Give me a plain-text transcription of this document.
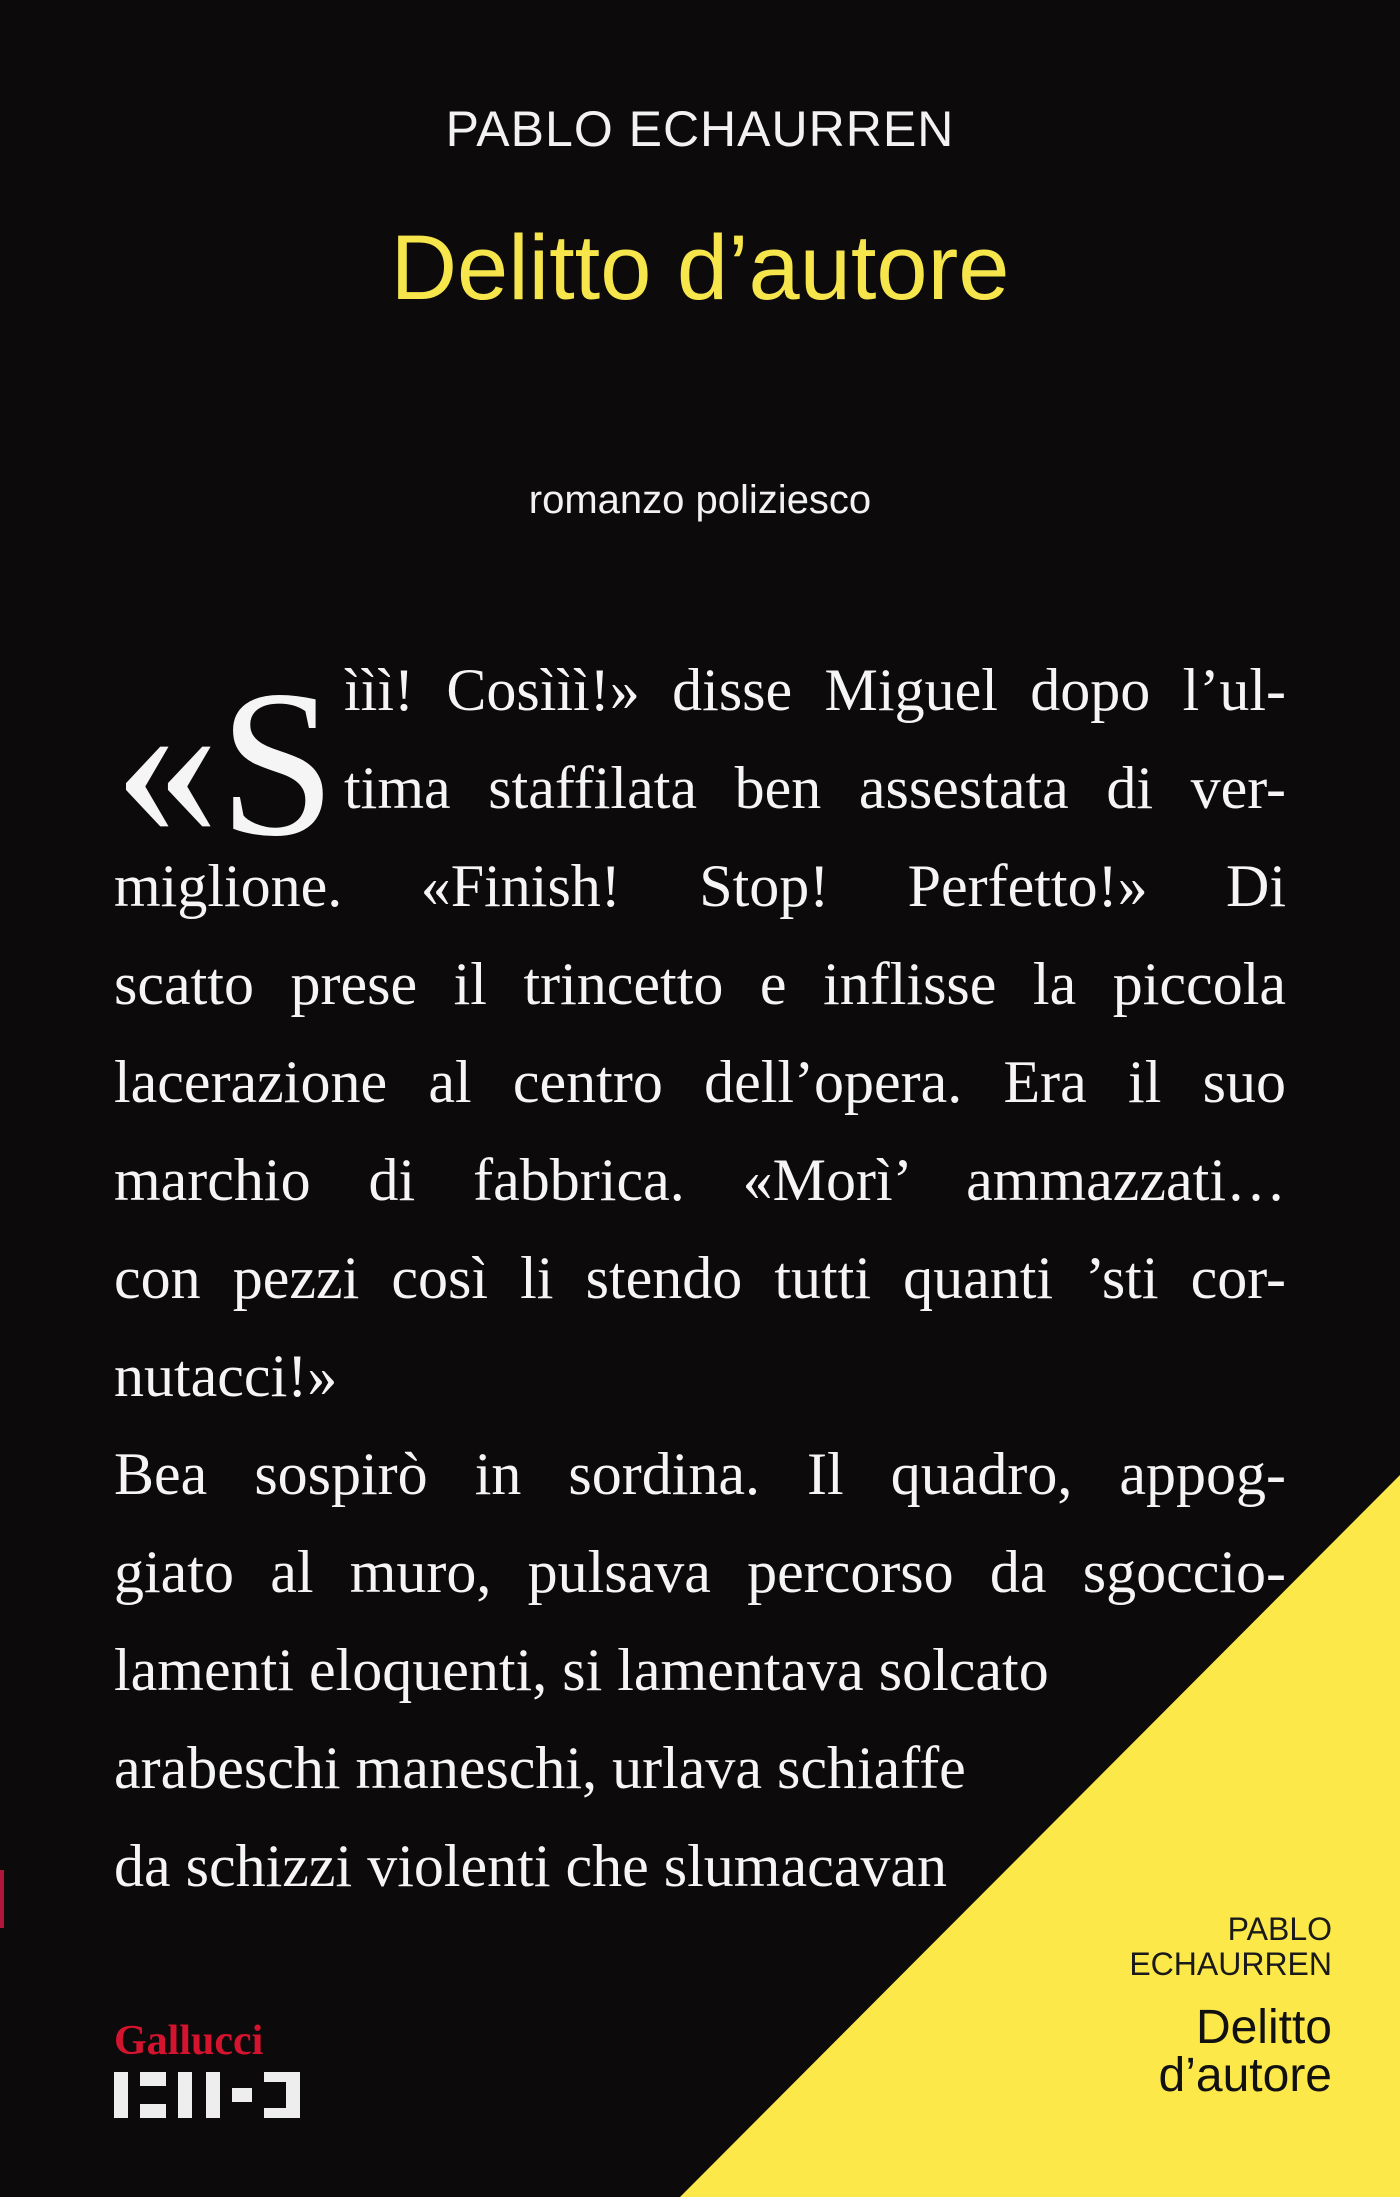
PABLO ECHAURREN
Delitto d’autore
romanzo poliziesco
«S ììì! Cosììì!» disse Miguel dopo l’ul-
tima staffilata ben assestata di ver-
miglione. «Finish! Stop! Perfetto!» Di
scatto prese il trincetto e inflisse la piccola
lacerazione al centro dell’opera. Era il suo
marchio di fabbrica. «Morì’ ammazzati…
con pezzi così li stendo tutti quanti ’sti cor-
nutacci!»
Bea sospirò in sordina. Il quadro, appog-
giato al muro, pulsava percorso da sgoccio-
lamenti eloquenti, si lamentava solcato
arabeschi maneschi, urlava schiaffe
da schizzi violenti che slumacavan
PABLO
ECHAURREN
Delitto
d’autore
Gallucci
